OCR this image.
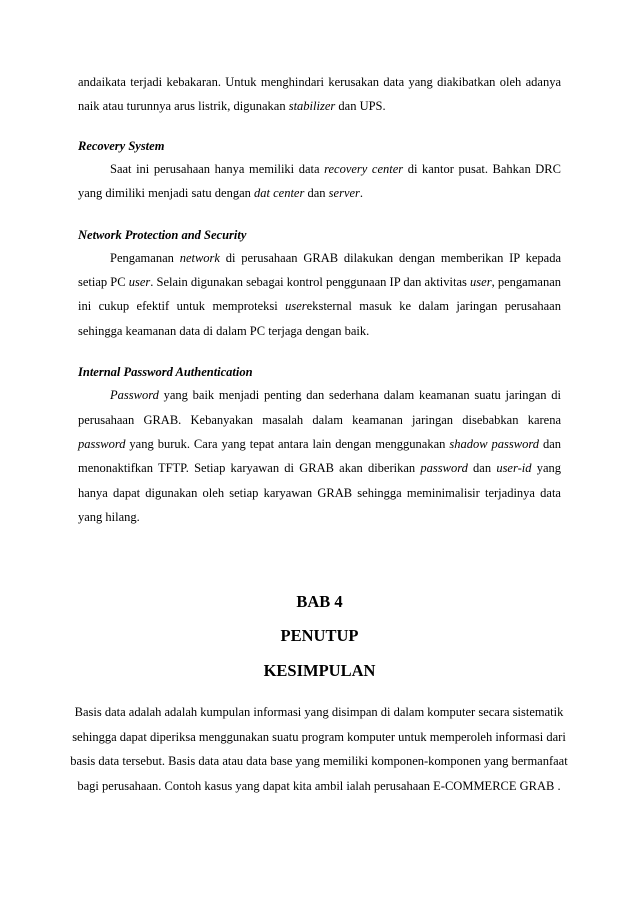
andaikata terjadi kebakaran. Untuk menghindari kerusakan data yang diakibatkan oleh adanya naik atau turunnya arus listrik, digunakan stabilizer dan UPS.

Recovery System

Saat ini perusahaan hanya memiliki data recovery center di kantor pusat. Bahkan DRC yang dimiliki menjadi satu dengan dat center dan server.

Network Protection and Security

Pengamanan network di perusahaan GRAB dilakukan dengan memberikan IP kepada setiap PC user. Selain digunakan sebagai kontrol penggunaan IP dan aktivitas user, pengamanan ini cukup efektif untuk memproteksi usereksternal masuk ke dalam jaringan perusahaan sehingga keamanan data di dalam PC terjaga dengan baik.

Internal Password Authentication

Password yang baik menjadi penting dan sederhana dalam keamanan suatu jaringan di perusahaan GRAB. Kebanyakan masalah dalam keamanan jaringan disebabkan karena password yang buruk. Cara yang tepat antara lain dengan menggunakan shadow password dan menonaktifkan TFTP. Setiap karyawan di GRAB akan diberikan password dan user-id yang hanya dapat digunakan oleh setiap karyawan GRAB sehingga meminimalisir terjadinya data yang hilang.

BAB 4
PENUTUP
KESIMPULAN

Basis data adalah adalah kumpulan informasi yang disimpan di dalam komputer secara sistematik sehingga dapat diperiksa menggunakan suatu program komputer untuk memperoleh informasi dari basis data tersebut. Basis data atau data base yang memiliki komponen-komponen yang bermanfaat bagi perusahaan. Contoh kasus yang dapat kita ambil ialah perusahaan E-COMMERCE GRAB .
